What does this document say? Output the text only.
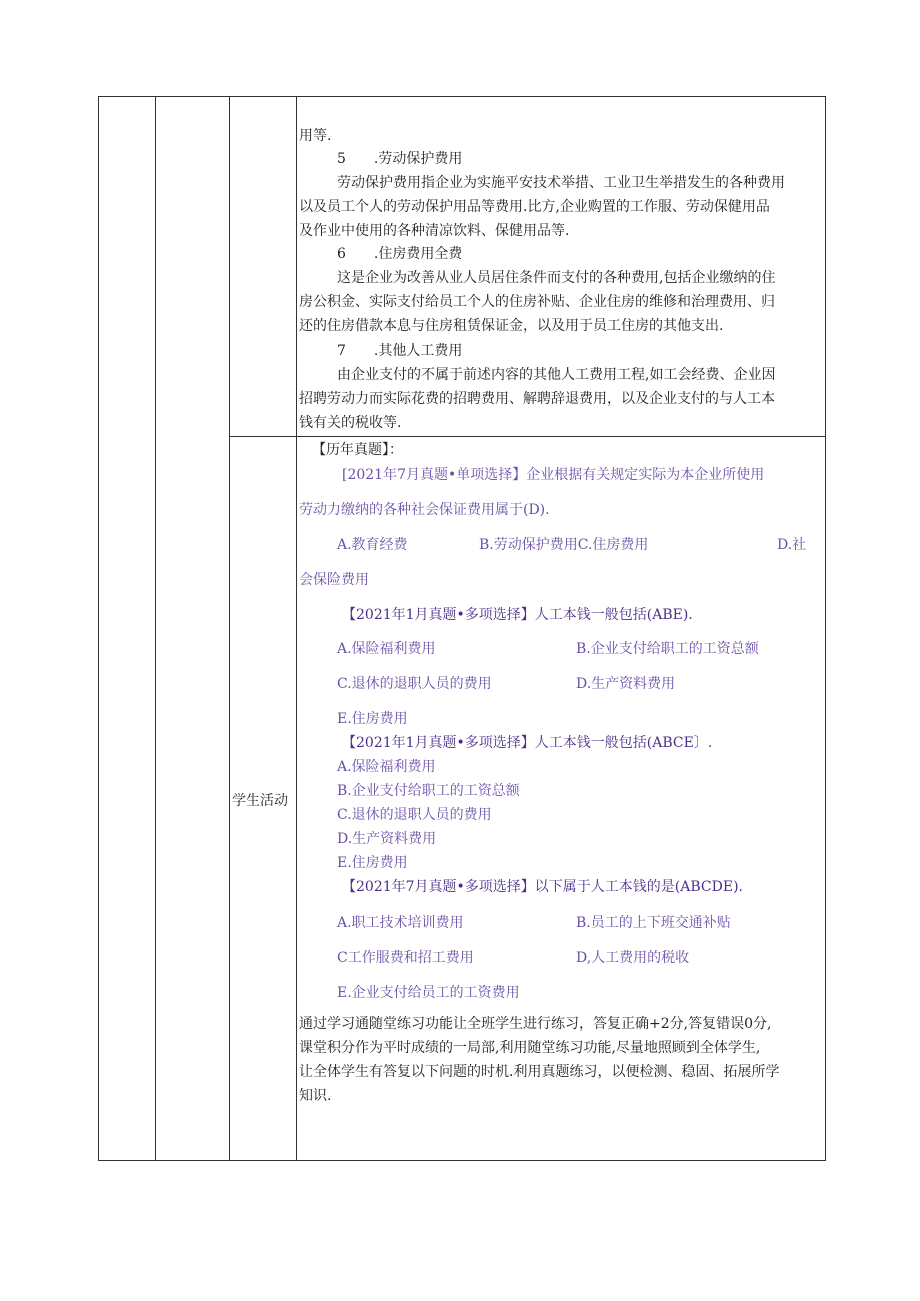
用等.
5　　.劳动保护费用
劳动保护费用指企业为实施平安技术举措、工业卫生举措发生的各种费用
以及员工个人的劳动保护用品等费用.比方,企业购置的工作服、劳动保健用品
及作业中使用的各种清凉饮料、保健用品等.
6　　.住房费用全费
这是企业为改善从业人员居住条件而支付的各种费用,包括企业缴纳的住
房公积金、实际支付给员工个人的住房补贴、企业住房的维修和治理费用、归
还的住房借款本息与住房租赁保证金，以及用于员工住房的其他支出.
7　　.其他人工费用
由企业支付的不属于前述内容的其他人工费用工程,如工会经费、企业因
招聘劳动力而实际花费的招聘费用、解聘辞退费用，以及企业支付的与人工本
钱有关的税收等.
学生活动
【历年真题】：
[2021年7月真题•单项选择】企业根据有关规定实际为本企业所使用
劳动力缴纳的各种社会保证费用属于(D).
A.教育经费	B.劳动保护费用C.住房费用	D.社
会保险费用
【2021年1月真题•多项选择】人工本钱一般包括(ABE).
A.保险福利费用	B.企业支付给职工的工资总额
C.退休的退职人员的费用	D.生产资料费用
E.住房费用
【2021年1月真题•多项选择】人工本钱一般包括(ABCE〕.
A.保险福利费用
B.企业支付给职工的工资总额
C.退休的退职人员的费用
D.生产资料费用
E.住房费用
【2021年7月真题•多项选择】以下属于人工本钱的是(ABCDE).
A.职工技术培训费用	B.员工的上下班交通补贴
C工作服费和招工费用	D,人工费用的税收
E.企业支付给员工的工资费用
通过学习通随堂练习功能让全班学生进行练习，答复正确+2分,答复错误0分,
课堂积分作为平时成绩的一局部,利用随堂练习功能,尽量地照顾到全体学生,
让全体学生有答复以下问题的时机.利用真题练习，以便检测、稳固、拓展所学
知识.
